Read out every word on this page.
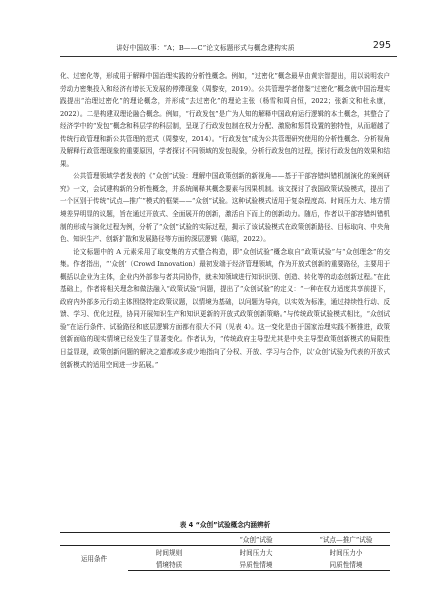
讲好中国故事：“A；B——C”论文标题形式与概念建构实质	295

化、过密化等，形成用于解释中国治理实践的分析性概念。例如，“过密化”概念最早由黄宗智提出，用以说明农户劳动力密集投入和经济有增长无发展的停滞现象（周黎安，2019）。公共管理学者借鉴“过密化”概念就中国治理实践提出“治理过密化”的理论概念，并形成“去过密化”的理论主张（杨雪和周自恒，2022；张新文和杜永康，2022）。二是构建双理论融合概念。例如，“行政发包”是广为人知的解释中国政府运行逻辑的本土概念，其整合了经济学中的“发包”概念和科层学的科层制，呈现了行政发包制在权力分配、激励和惩罚设置的独特性，从而超越了传统行政管理和新公共管理的范式（周黎安，2014）。“行政发包”成为公共管理研究使用的分析性概念、分析视角及解释行政管理现象的重要原因，学者探讨不同领域的发包现象，分析行政发包的过程，探讨行政发包的效果和结果。

公共管理领域学者发表的《“众创”试验：理解中国政策创新的新视角——基于干部容错纠错机制演化的案例研究》一文，会试建构新的分析性概念，并系统阐释其概念要素与因果机制。该文探讨了我国政策试验模式，提出了一个区别于传统“试点—推广”模式的框架——“众创”试验。这种试验模式适用于复杂程度高、时间压力大、地方情境差异明显的议题，旨在通过开放式、全面展开的创新，激活自下而上的创新动力。随后，作者以干部容错纠错机制的形成与演化过程为例，分析了“众创”试验的实际过程，揭示了该试验模式在政策创新路径、目标取向、中央角色、知识生产、创新扩散和发展路径等方面的深层逻辑（陈昭，2022）。

论文标题中的 A 元素采用了取变集的方式整合构造，即“众创试验”概念取自“政策试验”与“众创理念”的交集。作者指出，“‘众创’（Crowd Innovation）最初发端于经济管理领域，作为开放式创新的重要路径，主要用于概括以企业为主体，企业内外部参与者共同协作，就未知领域进行知识识别、创造、转化等的动态创新过程。”在此基础上，作者将相关理念和做法融入“政策试验”问题，提出了“众创试验”的定义：“一种在权力适度共享前提下，政府内外部多元行动主体围绕特定政策议题，以情境为基础，以问题为导向，以实效为标准，通过持续性行动、反馈、学习、优化过程，协同开展知识生产和知识更新的开放式政策创新策略。”与传统政策试验模式相比，“众创试验”在运行条件、试验路径和底层逻辑方面都有很大不同（见表 4）。这一变化是由于国家治理实践不断推进，政策创新面临的现实情境已经发生了显著变化。作者认为，“传统政府主导型尤其是中央主导型政策创新模式的局限性日益显现，政策创新问题的解决之道都或多或少地指向了分权、开放、学习与合作，以‘众创’试验为代表的开放式创新模式的适用空间进一步拓展。”

表 4 “众创”试验概念内涵辨析
		“众创”试验	“试点—推广”试验
运用条件	时间规则	时间压力大	时间压力小
	情境特质	异质性情境	同质性情境
